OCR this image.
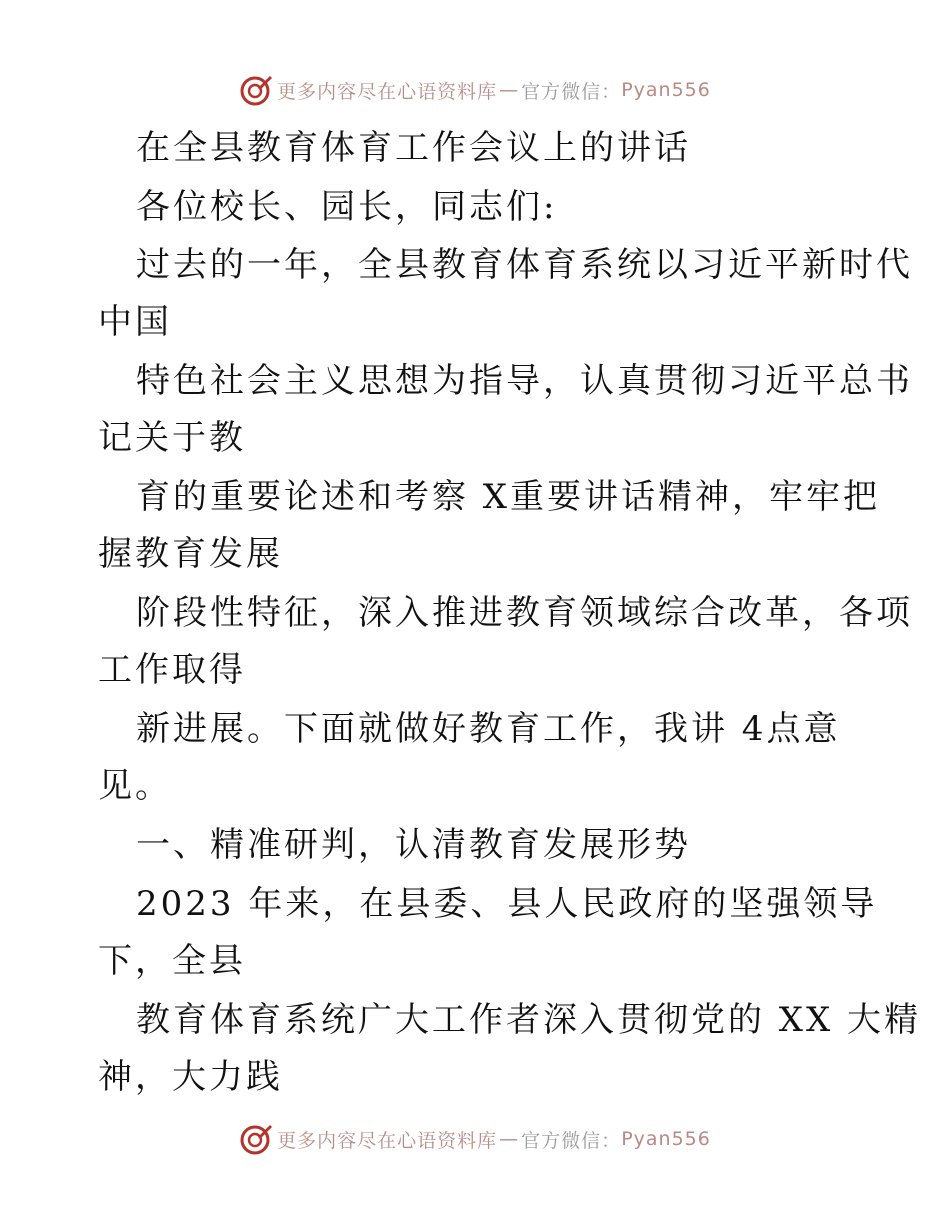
更多内容尽在心语资料库 — 官方微信： Pyan556
在全县教育体育工作会议上的讲话
各位校长、园长，同志们:
过去的一年，全县教育体育系统以习近平新时代
中国
特色社会主义思想为指导，认真贯彻习近平总书
记关于教
育的重要论述和考察 X重要讲话精神，牢牢把
握教育发展
阶段性特征，深入推进教育领域综合改革，各项
工作取得
新进展。下面就做好教育工作，我讲 4点意
见。
一、精准研判，认清教育发展形势
2023 年来，在县委、县人民政府的坚强领导
下，全县
教育体育系统广大工作者深入贯彻党的 XX 大精
神，大力践
更多内容尽在心语资料库 — 官方微信： Pyan556
